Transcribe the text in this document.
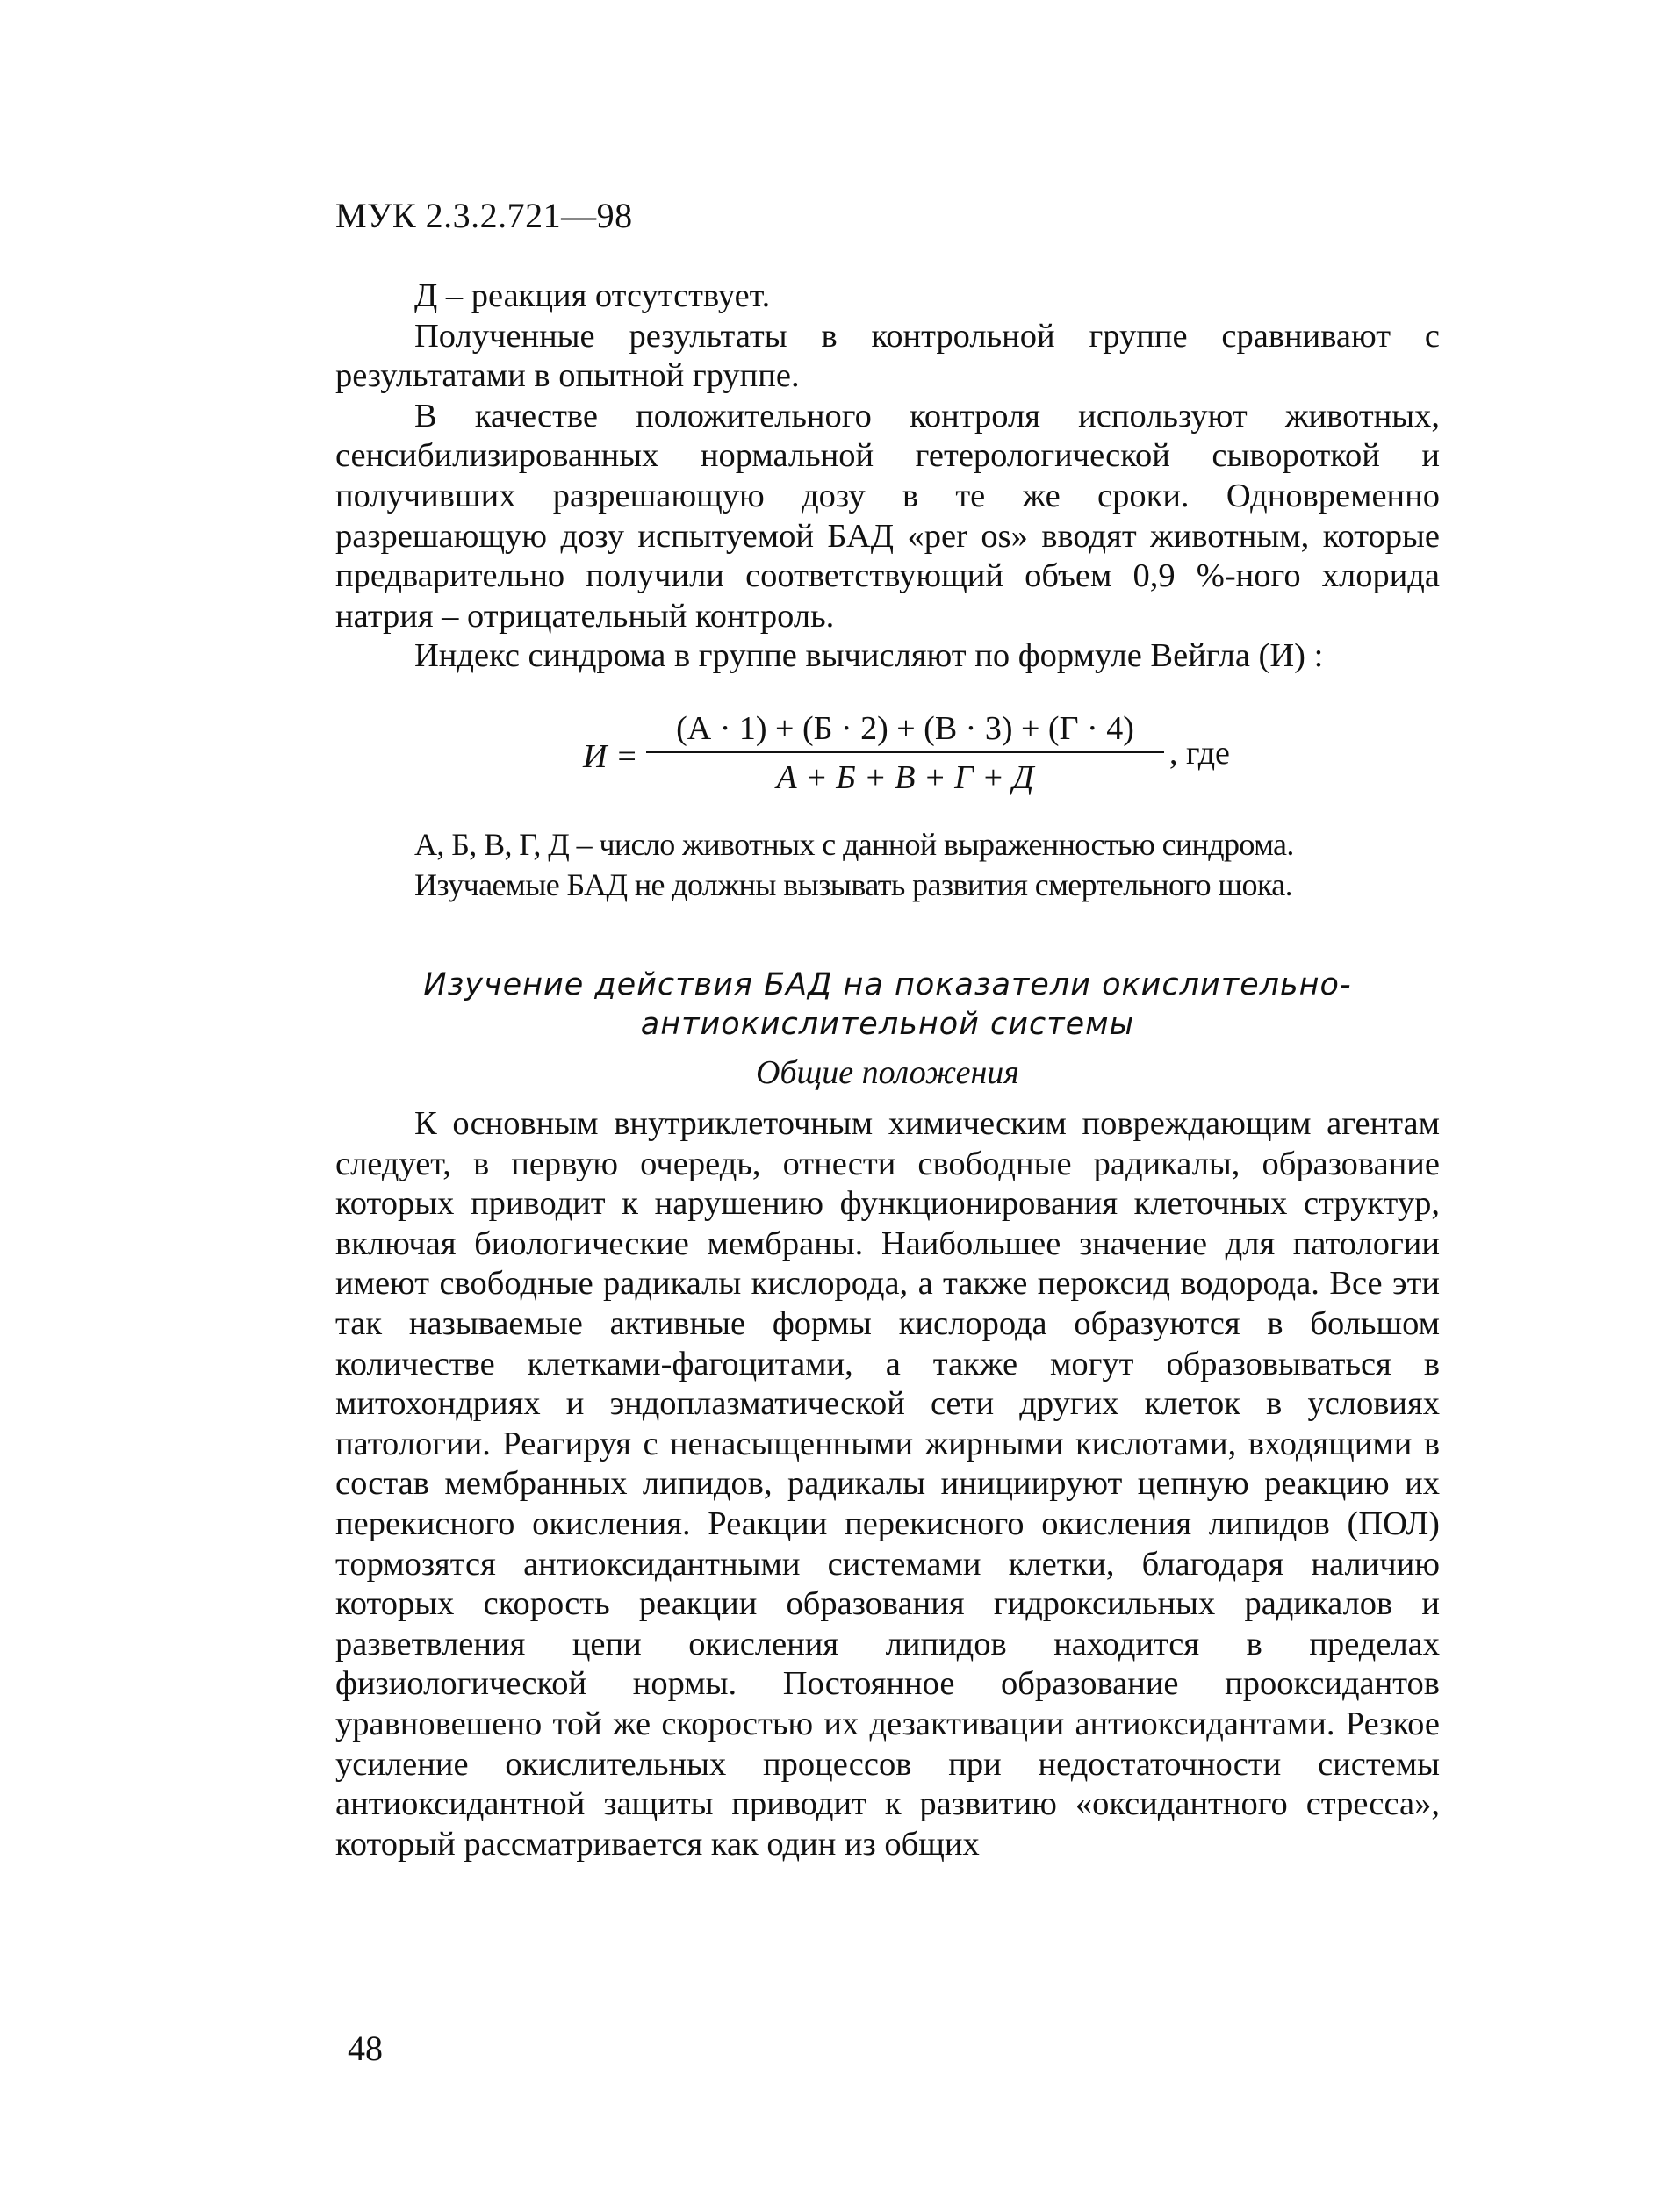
МУК 2.3.2.721—98

Д – реакция отсутствует.

Полученные результаты в контрольной группе сравнивают с результатами в опытной группе.

В качестве положительного контроля используют животных, сенсибилизированных нормальной гетерологической сывороткой и получивших разрешающую дозу в те же сроки. Одновременно разрешающую дозу испытуемой БАД «per os» вводят животным, которые предварительно получили соответствующий объем 0,9 %-ного хлорида натрия – отрицательный контроль.

Индекс синдрома в группе вычисляют по формуле Вейгла (И) :

И =
(А · 1) + (Б · 2) + (В · 3) + (Г · 4)
А + Б + В + Г + Д
, где

А, Б, В, Г, Д – число животных с данной выраженностью синдрома.

Изучаемые БАД не должны вызывать развития смертельного шока.

Изучение действия БАД на показатели окислительно-
антиокислительной системы
Общие положения

К основным внутриклеточным химическим повреждающим агентам следует, в первую очередь, отнести свободные радикалы, образование которых приводит к нарушению функционирования клеточных структур, включая биологические мембраны. Наибольшее значение для патологии имеют свободные радикалы кислорода, а также пероксид водорода. Все эти так называемые активные формы кислорода образуются в большом количестве клетками-фагоцитами, а также могут образовываться в митохондриях и эндоплазматической сети других клеток в условиях патологии. Реагируя с ненасыщенными жирными кислотами, входящими в состав мембранных липидов, радикалы инициируют цепную реакцию их перекисного окисления. Реакции перекисного окисления липидов (ПОЛ) тормозятся антиоксидантными системами клетки, благодаря наличию которых скорость реакции образования гидроксильных радикалов и разветвления цепи окисления липидов находится в пределах физиологической нормы. Постоянное образование прооксидантов уравновешено той же скоростью их дезактивации антиоксидантами. Резкое усиление окислительных процессов при недостаточности системы антиоксидантной защиты приводит к развитию «оксидантного стресса», который рассматривается как один из общих

48
